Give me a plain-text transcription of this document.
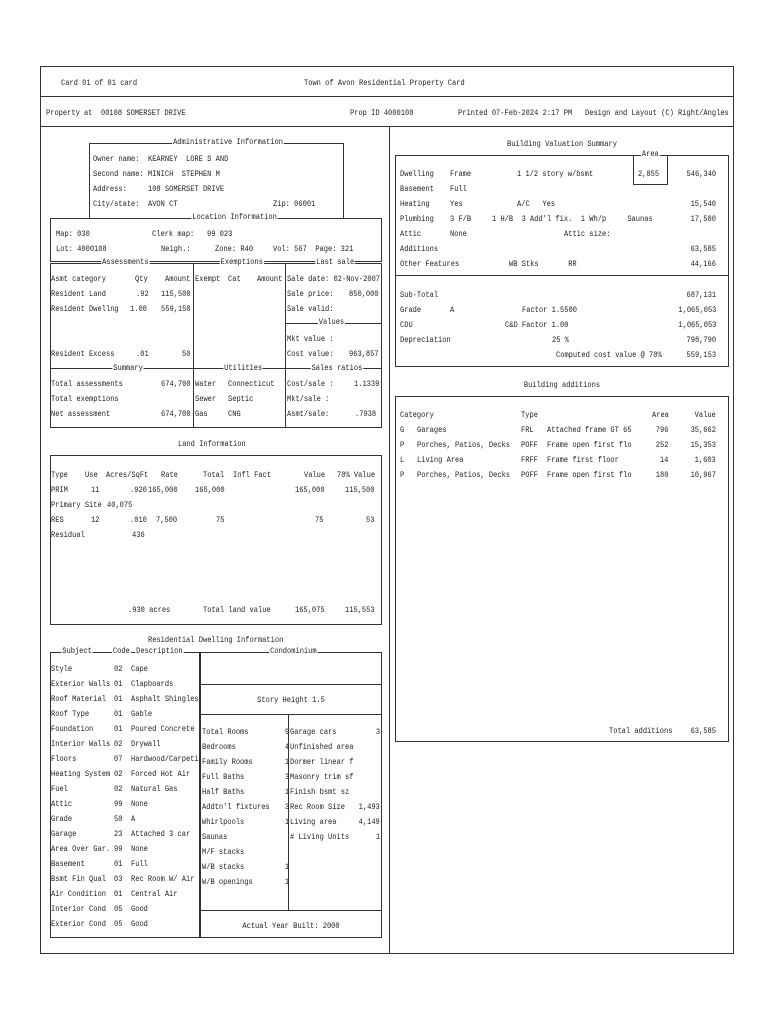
Card 01 of 01 card	Town of Avon Residential Property Card
Property at  00108 SOMERSET DRIVE	Prop ID 4000108	Printed 07-Feb-2024 2:17 PM Design and Layout (C) Right/Angles
Administrative Information
Owner name:  KEARNEY  LORE S AND
Second name: MINICH  STEPHEN M
Address:     108 SOMERSET DRIVE
City/state:  AVON CT	Zip: 06001
Location Information
Map: 030	Clerk map:   99 023
Lot: 4000108	Neigh.:	Zone: R40 Vol: 567  Page: 321
Assessments	Exemptions	Last sale
Asmt category	Qty Amount
Resident Land	.92 115,500
Resident Dwellng 1.00 559,150
Resident Excess	.01	50
Exempt Cat Amount Sale date: 02-Nov-2007
Sale price: 850,000
Sale valid:
Values
Mkt value :
Cost value: 963,857
Summary	Utilities	Sales ratios
Total assessments	674,700
Total exemptions
Net assessment	674,700
Water Connecticut
Sewer Septic
Gas CNG
Cost/sale : 1.1339
Mkt/sale :
Asmt/sale:	.7938
Land Information
Type Use Acres/SqFt Rate	Total Infl Fact	Value 70% Value
PRIM	11	.920 165,000 165,000	165,000 115,500
Primary Site 40,075
RES	12	.010 7,500	75	75	53
Residual	436
.930 acres	Total land value	165,075 115,553
Residential Dwelling Information
Subject Code Description	Condominium
Story Height 1.5
Actual Year Built: 2000
Style	02 Cape
Exterior Walls 01 Clapboards
Roof Material 01 Asphalt Shingles
Roof Type	01 Gable
Foundation 01 Poured Concrete
Interior Walls 02 Drywall
Floors	07 Hardwood/Carpeti
Heating System 02 Forced Hot Air
Fuel	02 Natural Gas
Attic	99 None
Grade	50 A
Garage	23 Attached 3 car
Area Over Gar. 99 None
Basement	01 Full
Bsmt Fin Qual 03 Rec Room W/ Air
Air Condition 01 Central Air
Interior Cond 05 Good
Exterior Cond 05 Good
Total Rooms	9
Bedrooms	4
Family Rooms	1
Full Baths	3
Half Baths	1
Addtn'l fixtures 3
Whirlpools	1
Saunas
M/F stacks
W/B stacks	1
W/B openings	1
Garage cars	3
Unfinished area
Dormer linear f
Masonry trim sf
Finish bsmt sz
Rec Room Size 1,493
Living area	4,149
# Living Units	1
Building Valuation Summary
Area
2,855
Dwelling Frame	1 1/2 story w/bsmt	546,340
Basement Full
Heating Yes	A/C   Yes	15,540
Plumbing 3 F/B 1 H/B  3 Add'l fix.  1 Wh/p     Saunas	17,500
Attic	None	Attic size:
Additions	63,585
Other Features	WB Stks       RR	44,166
Sub-Total	687,131
Grade	A	Factor 1.5500	1,065,053
CDU	C&D Factor 1.00	1,065,053
Depreciation	25 %	798,790
Computed cost value @ 70%	559,153
Building additions
Category	Type	Area	Value
G Garages	FRL Attached frame GT 65	796	35,662
P Porches, Patios, Decks POFF Frame open first flo	252	15,353
L Living Area	FRFF Frame first floor	14	1,603
P Porches, Patios, Decks POFF Frame open first flo	180	10,967
Total additions 63,585
